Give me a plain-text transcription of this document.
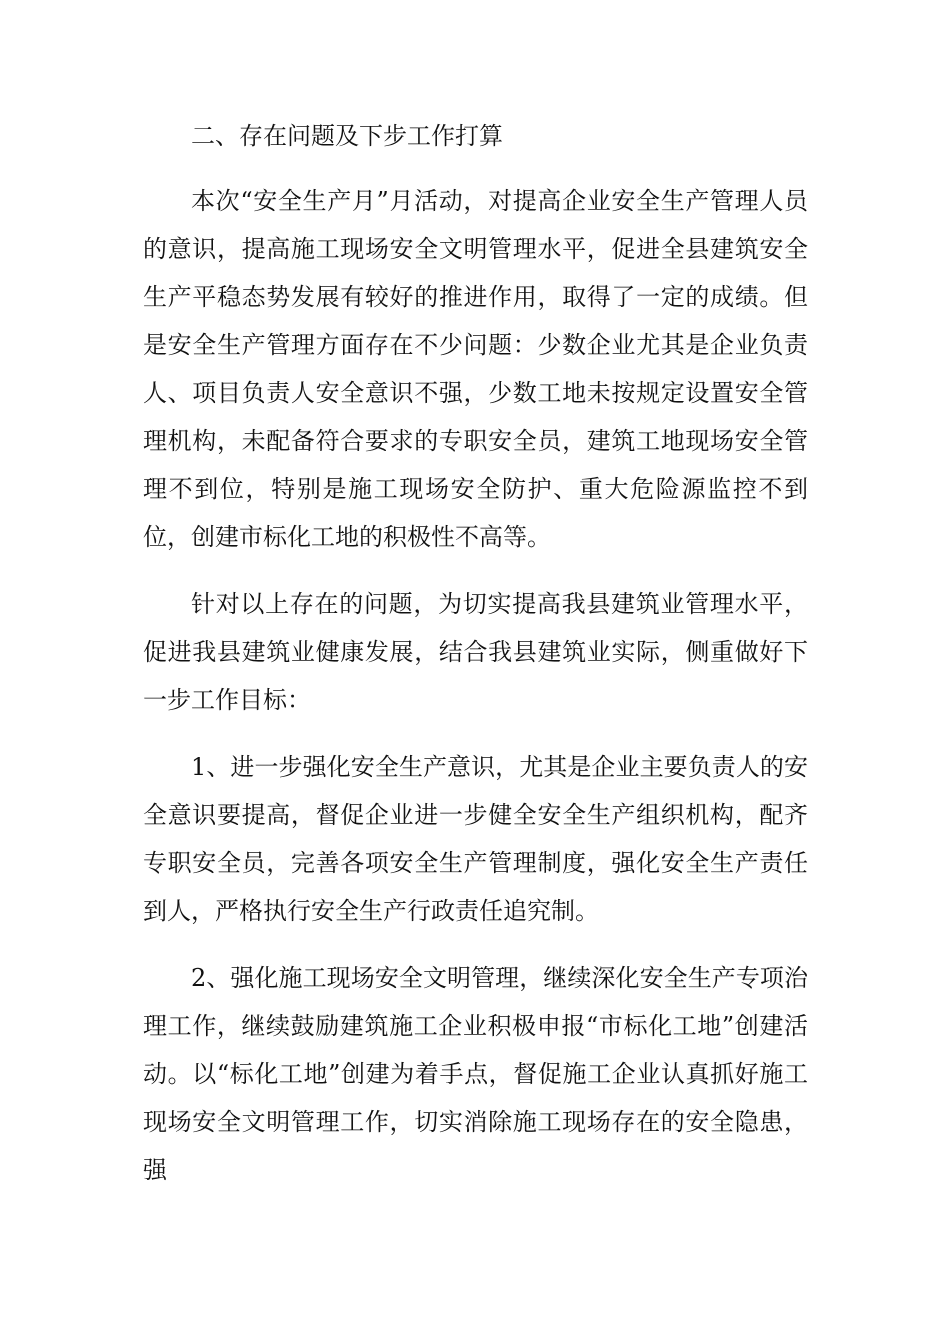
二、存在问题及下步工作打算

本次“安全生产月”月活动，对提高企业安全生产管理人员的意识，提高施工现场安全文明管理水平，促进全县建筑安全生产平稳态势发展有较好的推进作用，取得了一定的成绩。但是安全生产管理方面存在不少问题：少数企业尤其是企业负责人、项目负责人安全意识不强，少数工地未按规定设置安全管理机构，未配备符合要求的专职安全员，建筑工地现场安全管理不到位，特别是施工现场安全防护、重大危险源监控不到位，创建市标化工地的积极性不高等。

针对以上存在的问题，为切实提高我县建筑业管理水平，促进我县建筑业健康发展，结合我县建筑业实际，侧重做好下一步工作目标：

1、进一步强化安全生产意识，尤其是企业主要负责人的安全意识要提高，督促企业进一步健全安全生产组织机构，配齐专职安全员，完善各项安全生产管理制度，强化安全生产责任到人，严格执行安全生产行政责任追究制。

2、强化施工现场安全文明管理，继续深化安全生产专项治理工作，继续鼓励建筑施工企业积极申报“市标化工地”创建活动。以“标化工地”创建为着手点，督促施工企业认真抓好施工现场安全文明管理工作，切实消除施工现场存在的安全隐患，强
